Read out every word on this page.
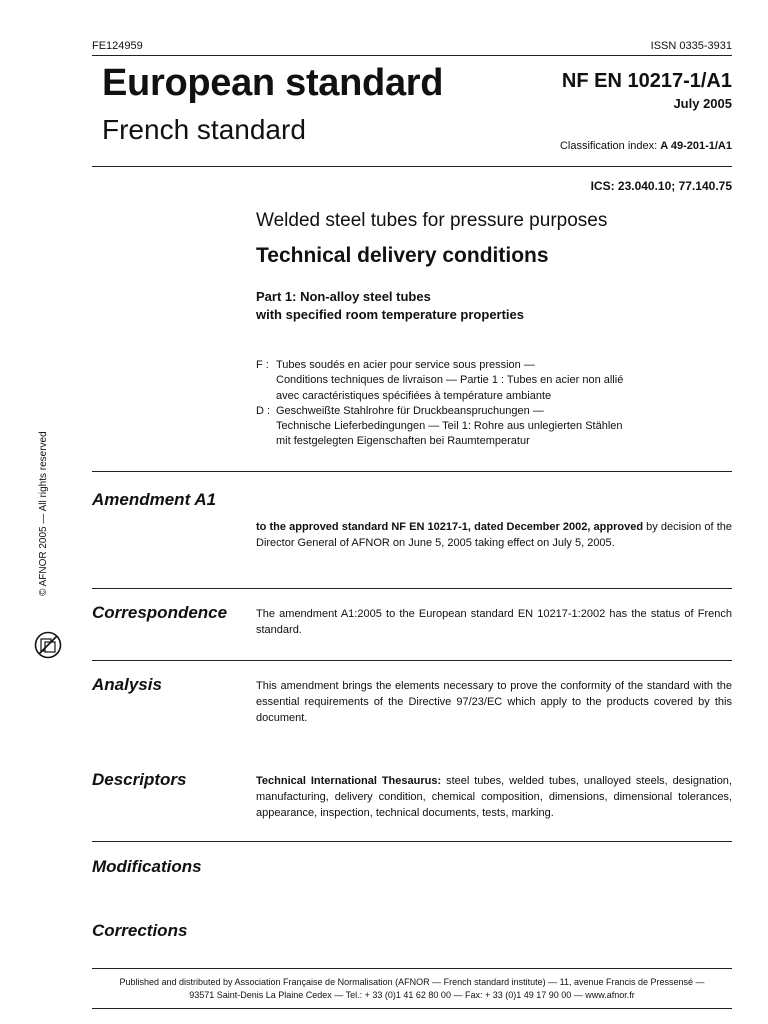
FE124959	ISSN 0335-3931
European standard
French standard
NF EN 10217-1/A1
July 2005
Classification index: A 49-201-1/A1
ICS: 23.040.10; 77.140.75
Welded steel tubes for pressure purposes
Technical delivery conditions
Part 1: Non-alloy steel tubes
with specified room temperature properties
F : Tubes soudés en acier pour service sous pression —
Conditions techniques de livraison — Partie 1 : Tubes en acier non allié
avec caractéristiques spécifiées à température ambiante
D : Geschweißte Stahlrohre für Druckbeanspruchungen —
Technische Lieferbedingungen — Teil 1: Rohre aus unlegierten Stählen
mit festgelegten Eigenschaften bei Raumtemperatur
Amendment A1
to the approved standard NF EN 10217-1, dated December 2002, approved by decision of the Director General of AFNOR on June 5, 2005 taking effect on July 5, 2005.
Correspondence	The amendment A1:2005 to the European standard EN 10217-1:2002 has the status of French standard.
Analysis	This amendment brings the elements necessary to prove the conformity of the standard with the essential requirements of the Directive 97/23/EC which apply to the products covered by this document.
Descriptors	Technical International Thesaurus: steel tubes, welded tubes, unalloyed steels, designation, manufacturing, delivery condition, chemical composition, dimensions, dimensional tolerances, appearance, inspection, technical documents, tests, marking.
Modifications
Corrections
Published and distributed by Association Française de Normalisation (AFNOR — French standard institute) — 11, avenue Francis de Pressensé —
93571 Saint-Denis La Plaine Cedex — Tel.: + 33 (0)1 41 62 80 00 — Fax: + 33 (0)1 49 17 90 00 — www.afnor.fr
© AFNOR 2005 — All rights reserved
